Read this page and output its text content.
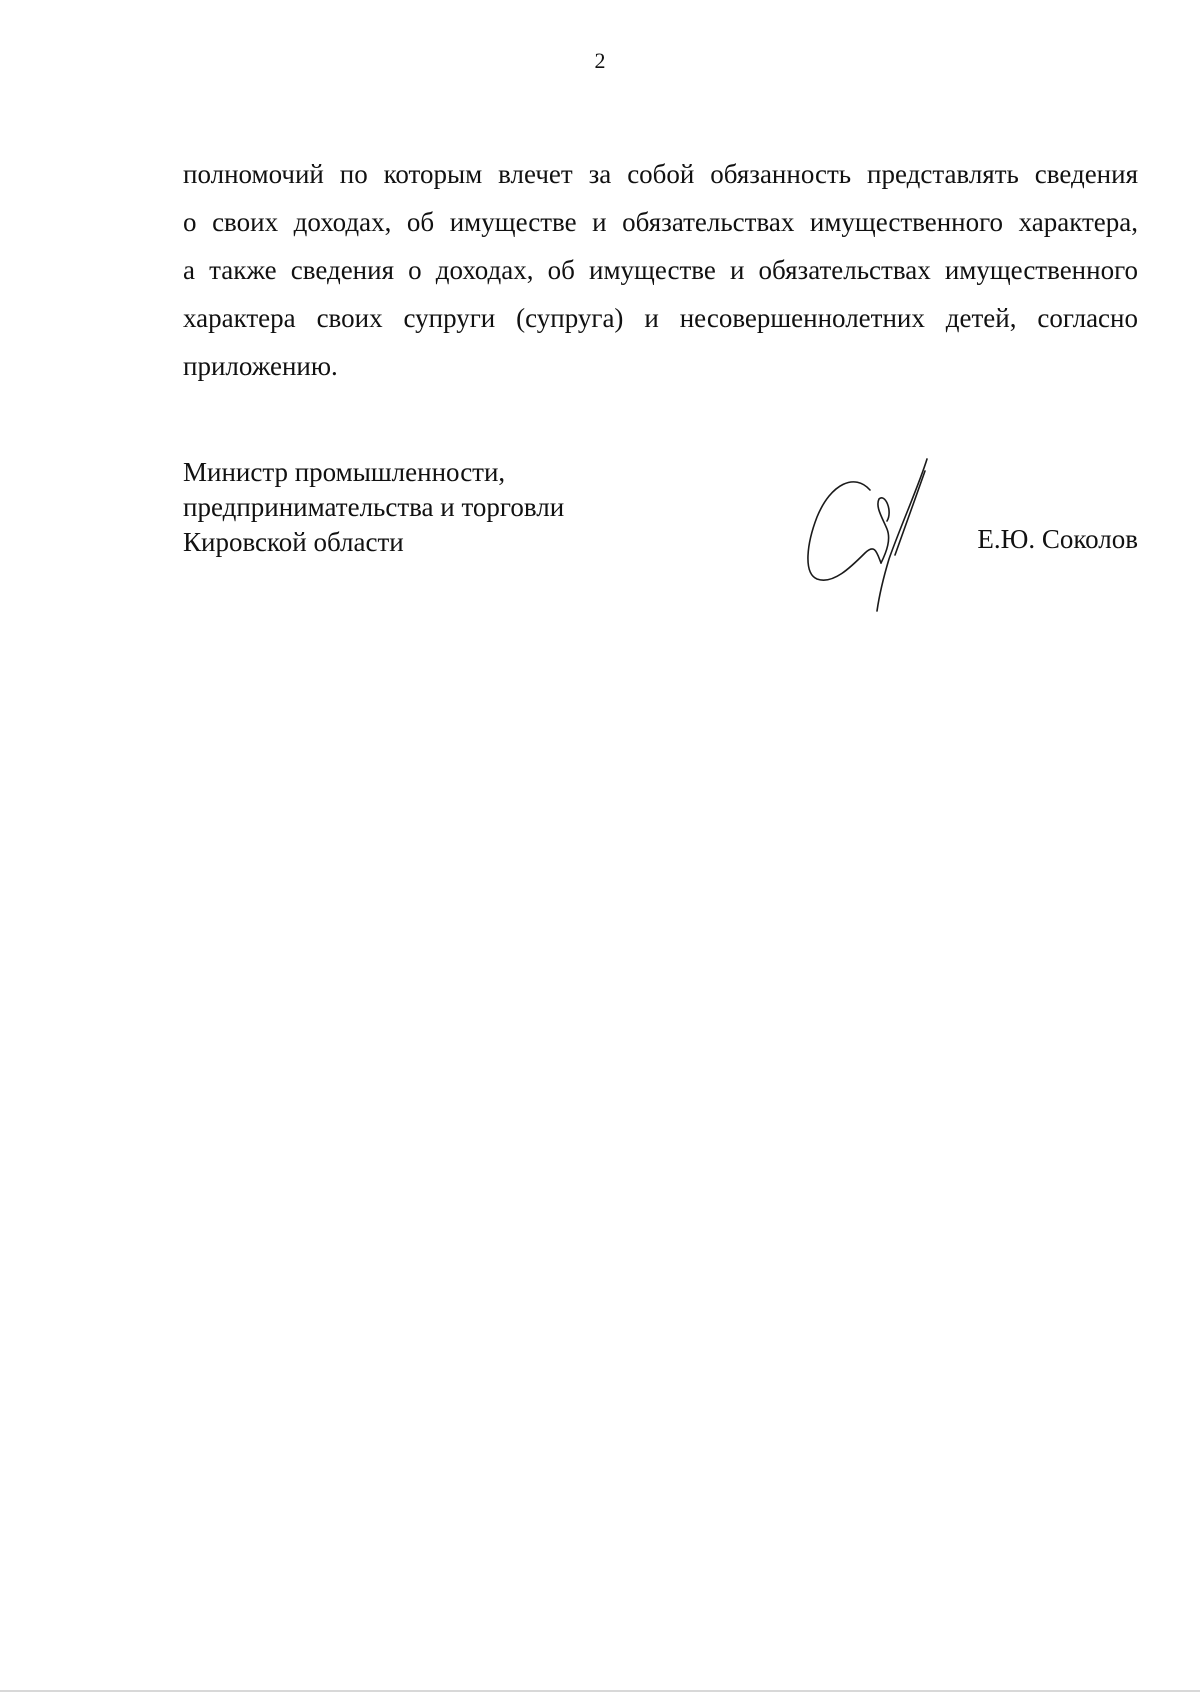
2
полномочий по которым влечет за собой обязанность представлять сведения
о своих доходах, об имуществе и обязательствах имущественного характера,
а также сведения о доходах, об имуществе и обязательствах имущественного
характера своих супруги (супруга) и несовершеннолетних детей, согласно
приложению.
Министр промышленности,
предпринимательства и торговли
Кировской области	Е.Ю. Соколов
